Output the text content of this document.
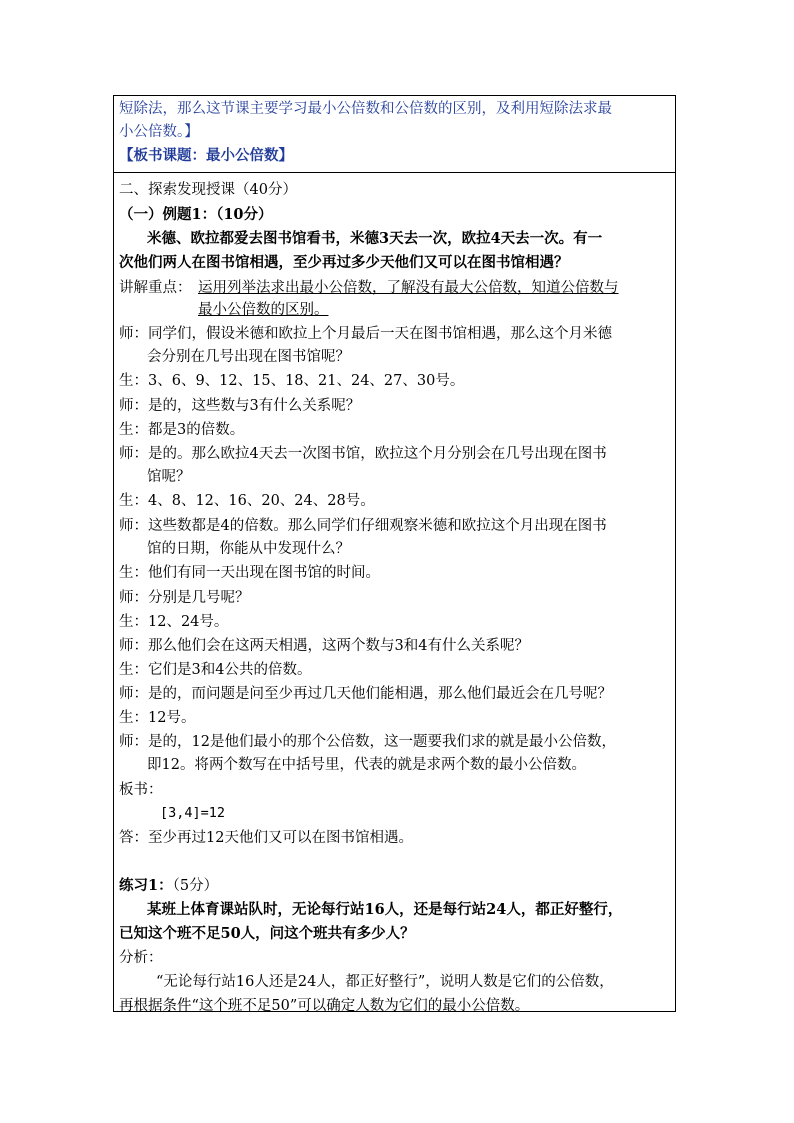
短除法，那么这节课主要学习最小公倍数和公倍数的区别，及利用短除法求最
小公倍数。】
【板书课题：最小公倍数】
二、探索发现授课（40分）
（一）例题1：（10分）
米德、欧拉都爱去图书馆看书，米德3天去一次，欧拉4天去一次。有一
次他们两人在图书馆相遇，至少再过多少天他们又可以在图书馆相遇？
讲解重点： 运用列举法求出最小公倍数，了解没有最大公倍数，知道公倍数与
最小公倍数的区别。
师：同学们，假设米德和欧拉上个月最后一天在图书馆相遇，那么这个月米德
会分别在几号出现在图书馆呢？
生：3、6、9、12、15、18、21、24、27、30号。
师：是的，这些数与3有什么关系呢？
生：都是3的倍数。
师：是的。那么欧拉4天去一次图书馆，欧拉这个月分别会在几号出现在图书
馆呢？
生：4、8、12、16、20、24、28号。
师：这些数都是4的倍数。那么同学们仔细观察米德和欧拉这个月出现在图书
馆的日期，你能从中发现什么？
生：他们有同一天出现在图书馆的时间。
师：分别是几号呢？
生：12、24号。
师：那么他们会在这两天相遇，这两个数与3和4有什么关系呢？
生：它们是3和4公共的倍数。
师：是的，而问题是问至少再过几天他们能相遇，那么他们最近会在几号呢？
生：12号。
师：是的，12是他们最小的那个公倍数，这一题要我们求的就是最小公倍数，
即12。将两个数写在中括号里，代表的就是求两个数的最小公倍数。
板书：
[3,4]=12
答：至少再过12天他们又可以在图书馆相遇。
练习1：（5分）
某班上体育课站队时，无论每行站16人，还是每行站24人，都正好整行，
已知这个班不足50人，问这个班共有多少人？
分析：
“无论每行站16人还是24人，都正好整行”，说明人数是它们的公倍数，
再根据条件“这个班不足50”可以确定人数为它们的最小公倍数。
